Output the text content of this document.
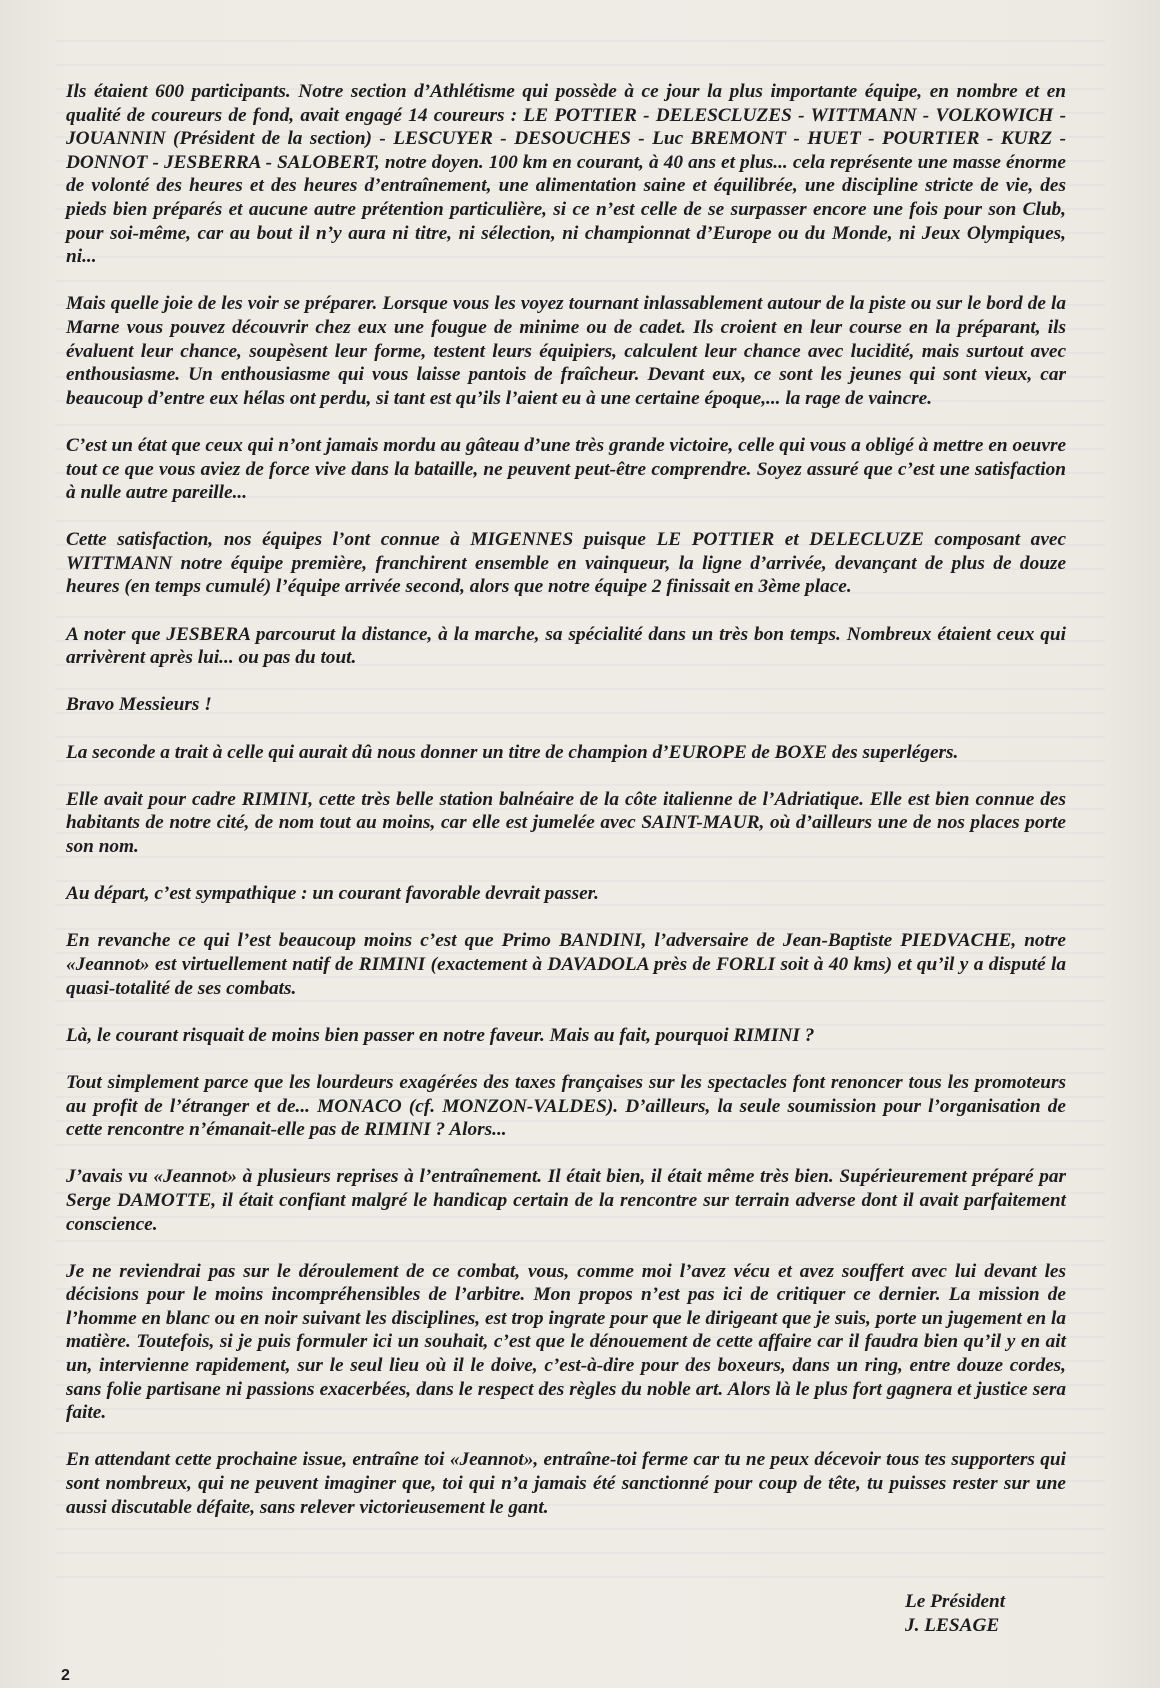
Ils étaient 600 participants. Notre section d’Athlétisme qui possède à ce jour la plus importante équipe, en nombre et en qualité de coureurs de fond, avait engagé 14 coureurs : LE POTTIER - DELESCLUZES - WITTMANN - VOLKOWICH - JOUANNIN (Président de la section) - LESCUYER - DESOUCHES - Luc BREMONT - HUET - POURTIER - KURZ - DONNOT - JESBERRA - SALOBERT, notre doyen. 100 km en courant, à 40 ans et plus... cela représente une masse énorme de volonté des heures et des heures d’entraînement, une alimentation saine et équilibrée, une discipline stricte de vie, des pieds bien préparés et aucune autre prétention particulière, si ce n’est celle de se surpasser encore une fois pour son Club, pour soi-même, car au bout il n’y aura ni titre, ni sélection, ni championnat d’Europe ou du Monde, ni Jeux Olympiques, ni...

Mais quelle joie de les voir se préparer. Lorsque vous les voyez tournant inlassablement autour de la piste ou sur le bord de la Marne vous pouvez découvrir chez eux une fougue de minime ou de cadet. Ils croient en leur course en la préparant, ils évaluent leur chance, soupèsent leur forme, testent leurs équipiers, calculent leur chance avec lucidité, mais surtout avec enthousiasme. Un enthousiasme qui vous laisse pantois de fraîcheur. Devant eux, ce sont les jeunes qui sont vieux, car beaucoup d’entre eux hélas ont perdu, si tant est qu’ils l’aient eu à une certaine époque,... la rage de vaincre.

C’est un état que ceux qui n’ont jamais mordu au gâteau d’une très grande victoire, celle qui vous a obligé à mettre en oeuvre tout ce que vous aviez de force vive dans la bataille, ne peuvent peut-être comprendre. Soyez assuré que c’est une satisfaction à nulle autre pareille...

Cette satisfaction, nos équipes l’ont connue à MIGENNES puisque LE POTTIER et DELECLUZE composant avec WITTMANN notre équipe première, franchirent ensemble en vainqueur, la ligne d’arrivée, devançant de plus de douze heures (en temps cumulé) l’équipe arrivée second, alors que notre équipe 2 finissait en 3ème place.

A noter que JESBERA parcourut la distance, à la marche, sa spécialité dans un très bon temps. Nombreux étaient ceux qui arrivèrent après lui... ou pas du tout.

Bravo Messieurs !

La seconde a trait à celle qui aurait dû nous donner un titre de champion d’EUROPE de BOXE des superlégers.

Elle avait pour cadre RIMINI, cette très belle station balnéaire de la côte italienne de l’Adriatique. Elle est bien connue des habitants de notre cité, de nom tout au moins, car elle est jumelée avec SAINT-MAUR, où d’ailleurs une de nos places porte son nom.

Au départ, c’est sympathique : un courant favorable devrait passer.

En revanche ce qui l’est beaucoup moins c’est que Primo BANDINI, l’adversaire de Jean-Baptiste PIEDVACHE, notre «Jeannot» est virtuellement natif de RIMINI (exactement à DAVADOLA près de FORLI soit à 40 kms) et qu’il y a disputé la quasi-totalité de ses combats.

Là, le courant risquait de moins bien passer en notre faveur. Mais au fait, pourquoi RIMINI ?

Tout simplement parce que les lourdeurs exagérées des taxes françaises sur les spectacles font renoncer tous les promoteurs au profit de l’étranger et de... MONACO (cf. MONZON-VALDES). D’ailleurs, la seule soumission pour l’organisation de cette rencontre n’émanait-elle pas de RIMINI ? Alors...

J’avais vu «Jeannot» à plusieurs reprises à l’entraînement. Il était bien, il était même très bien. Supérieurement préparé par Serge DAMOTTE, il était confiant malgré le handicap certain de la rencontre sur terrain adverse dont il avait parfaitement conscience.

Je ne reviendrai pas sur le déroulement de ce combat, vous, comme moi l’avez vécu et avez souffert avec lui devant les décisions pour le moins incompréhensibles de l’arbitre. Mon propos n’est pas ici de critiquer ce dernier. La mission de l’homme en blanc ou en noir suivant les disciplines, est trop ingrate pour que le dirigeant que je suis, porte un jugement en la matière. Toutefois, si je puis formuler ici un souhait, c’est que le dénouement de cette affaire car il faudra bien qu’il y en ait un, intervienne rapidement, sur le seul lieu où il le doive, c’est-à-dire pour des boxeurs, dans un ring, entre douze cordes, sans folie partisane ni passions exacerbées, dans le respect des règles du noble art. Alors là le plus fort gagnera et justice sera faite.

En attendant cette prochaine issue, entraîne toi «Jeannot», entraîne-toi ferme car tu ne peux décevoir tous tes supporters qui sont nombreux, qui ne peuvent imaginer que, toi qui n’a jamais été sanctionné pour coup de tête, tu puisses rester sur une aussi discutable défaite, sans relever victorieusement le gant.

Le Président
J. LESAGE
2
